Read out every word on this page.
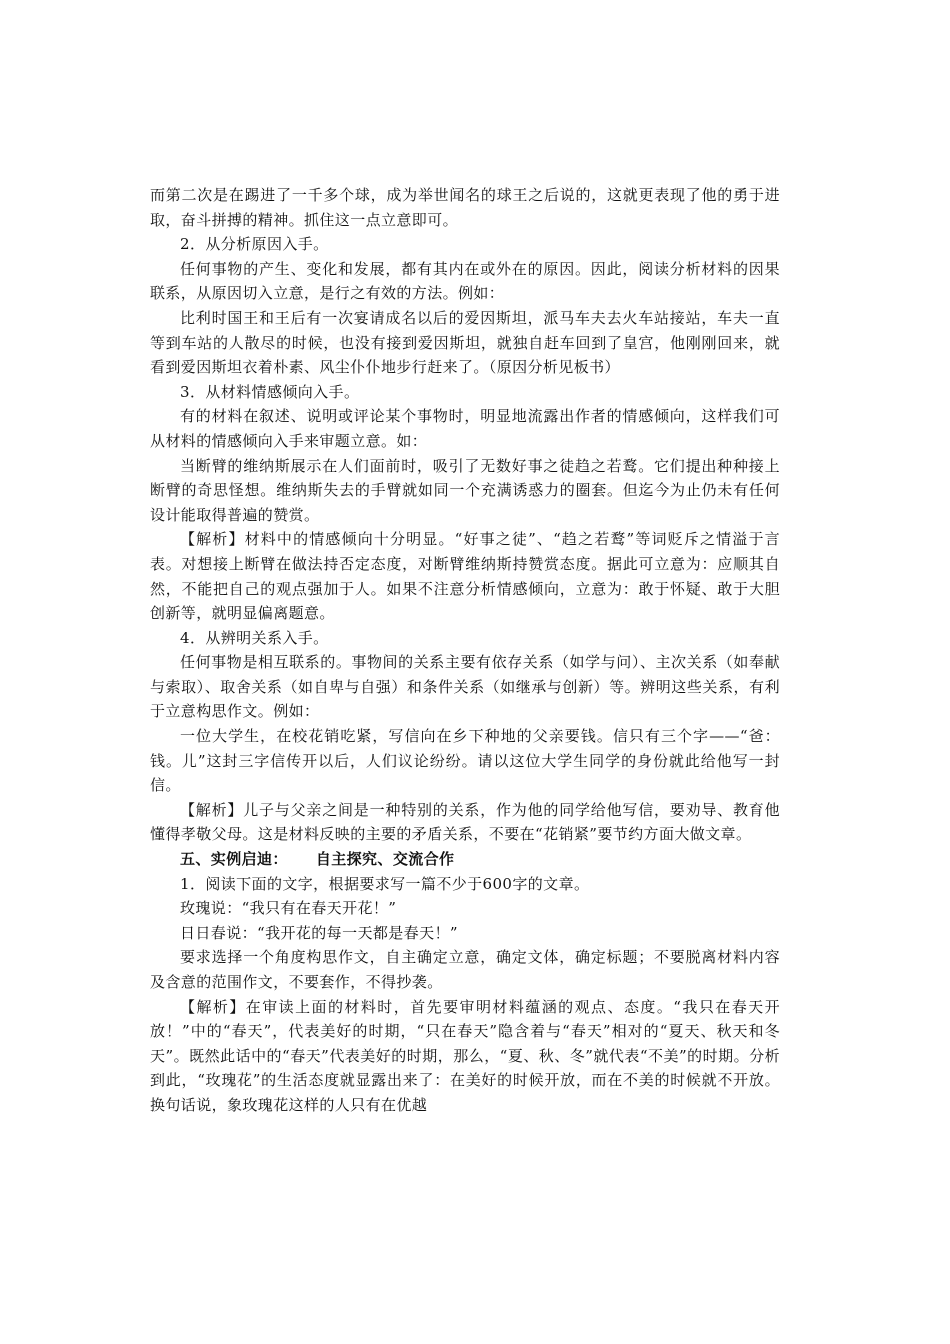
而第二次是在踢进了一千多个球，成为举世闻名的球王之后说的，这就更表现了他的勇于进取，奋斗拼搏的精神。抓住这一点立意即可。

2．从分析原因入手。

任何事物的产生、变化和发展，都有其内在或外在的原因。因此，阅读分析材料的因果联系，从原因切入立意，是行之有效的方法。例如：

比利时国王和王后有一次宴请成名以后的爱因斯坦，派马车夫去火车站接站，车夫一直等到车站的人散尽的时候，也没有接到爱因斯坦，就独自赶车回到了皇宫，他刚刚回来，就看到爱因斯坦衣着朴素、风尘仆仆地步行赶来了。（原因分析见板书）

3．从材料情感倾向入手。

有的材料在叙述、说明或评论某个事物时，明显地流露出作者的情感倾向，这样我们可从材料的情感倾向入手来审题立意。如：

当断臂的维纳斯展示在人们面前时，吸引了无数好事之徒趋之若鹜。它们提出种种接上断臂的奇思怪想。维纳斯失去的手臂就如同一个充满诱惑力的圈套。但迄今为止仍未有任何设计能取得普遍的赞赏。

【解析】材料中的情感倾向十分明显。“好事之徒”、“趋之若鹜”等词贬斥之情溢于言表。对想接上断臂在做法持否定态度，对断臂维纳斯持赞赏态度。据此可立意为：应顺其自然，不能把自己的观点强加于人。如果不注意分析情感倾向，立意为：敢于怀疑、敢于大胆创新等，就明显偏离题意。

4．从辨明关系入手。

任何事物是相互联系的。事物间的关系主要有依存关系（如学与问）、主次关系（如奉献与索取）、取舍关系（如自卑与自强）和条件关系（如继承与创新）等。辨明这些关系，有利于立意构思作文。例如：

一位大学生，在校花销吃紧，写信向在乡下种地的父亲要钱。信只有三个字——“爸：钱。儿”这封三字信传开以后，人们议论纷纷。请以这位大学生同学的身份就此给他写一封信。

【解析】儿子与父亲之间是一种特别的关系，作为他的同学给他写信，要劝导、教育他懂得孝敬父母。这是材料反映的主要的矛盾关系，不要在“花销紧”要节约方面大做文章。

五、实例启迪： 自主探究、交流合作

1．阅读下面的文字，根据要求写一篇不少于600字的文章。

玫瑰说：“我只有在春天开花！”

日日春说：“我开花的每一天都是春天！”

要求选择一个角度构思作文，自主确定立意，确定文体，确定标题；不要脱离材料内容及含意的范围作文，不要套作，不得抄袭。

【解析】在审读上面的材料时，首先要审明材料蕴涵的观点、态度。“我只在春天开放！”中的“春天”，代表美好的时期，“只在春天”隐含着与“春天”相对的“夏天、秋天和冬天”。既然此话中的“春天”代表美好的时期，那么，“夏、秋、冬”就代表“不美”的时期。分析到此，“玫瑰花”的生活态度就显露出来了：在美好的时候开放，而在不美的时候就不开放。换句话说，象玫瑰花这样的人只有在优越
